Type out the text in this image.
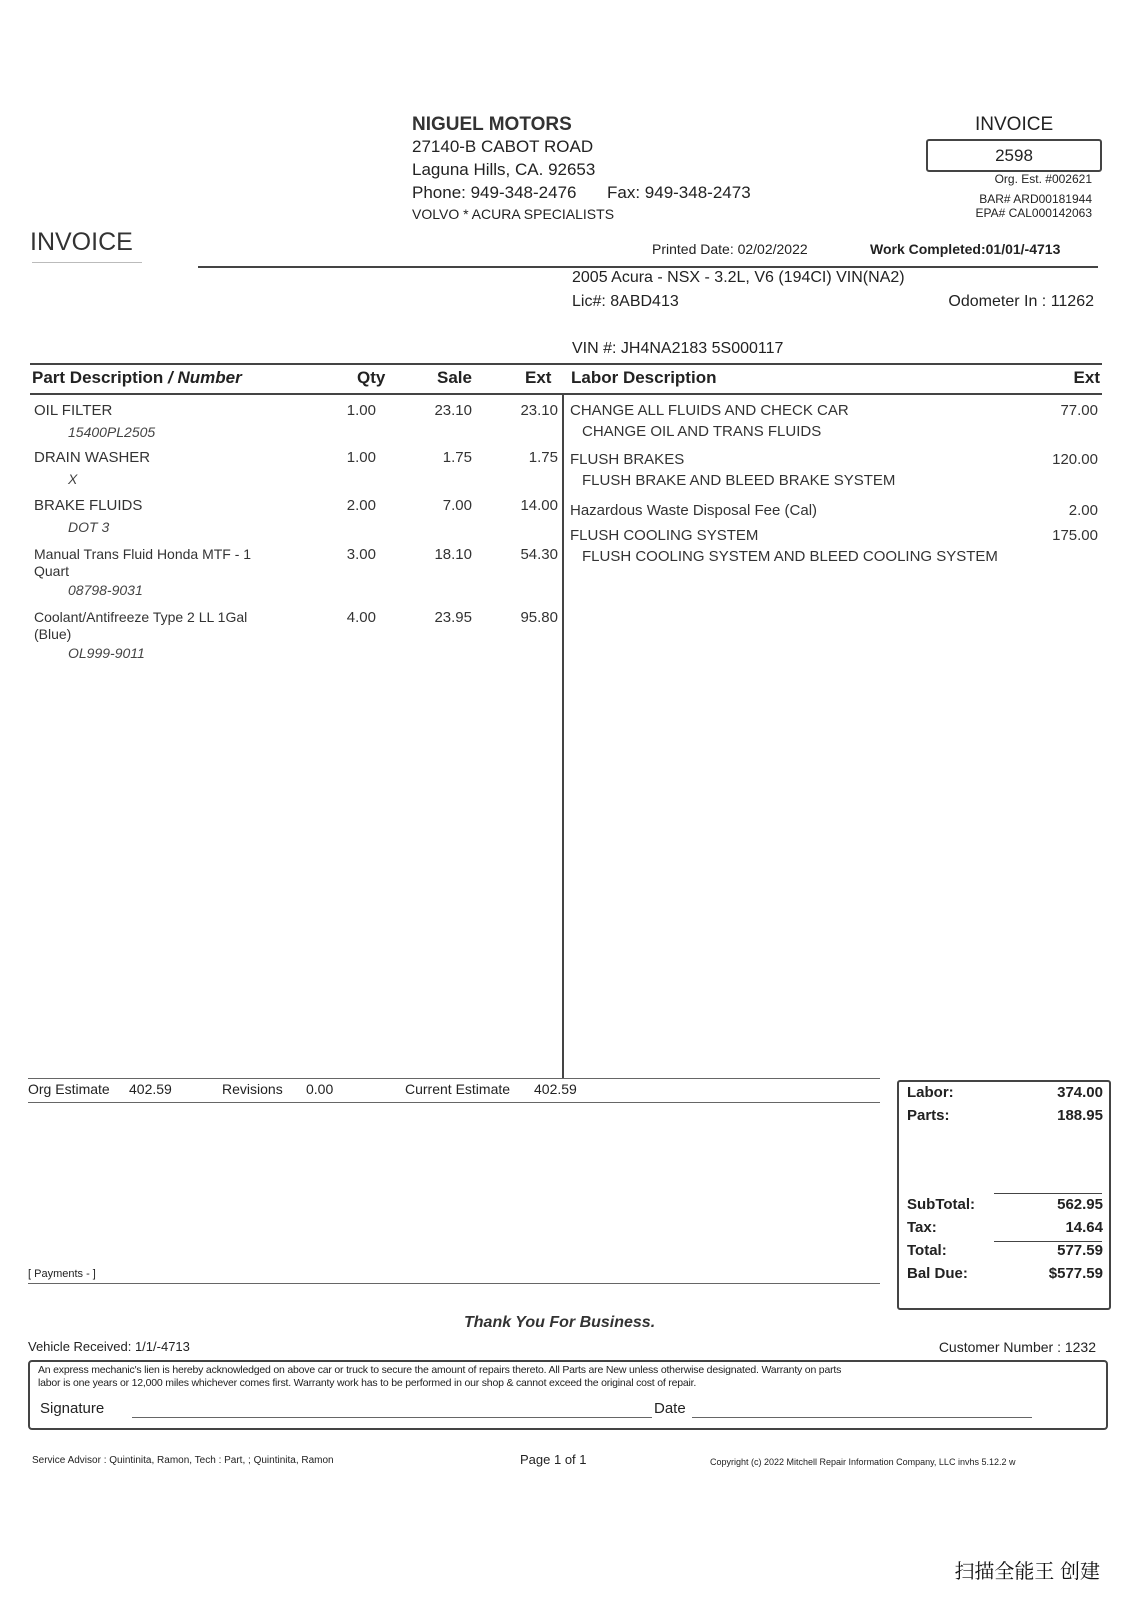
NIGUEL MOTORS
27140-B CABOT ROAD
Laguna Hills, CA. 92653
Phone: 949-348-2476 Fax: 949-348-2473
VOLVO * ACURA SPECIALISTS
INVOICE
2598
Org. Est. #002621
BAR# ARD00181944
EPA# CAL000142063
INVOICE	Printed Date: 02/02/2022	Work Completed:01/01/-4713
2005 Acura - NSX - 3.2L, V6 (194CI) VIN(NA2)
Lic#: 8ABD413	Odometer In : 11262
VIN #: JH4NA2183 5S000117
Part Description / Number	Qty	Sale	Ext Labor Description	Ext
OIL FILTER
15400PL2505
1.00	23.10	23.10
DRAIN WASHER
X
1.00	1.75	1.75
BRAKE FLUIDS
DOT 3
2.00	7.00	14.00
Manual Trans Fluid Honda MTF - 1
Quart
08798-9031
3.00	18.10	54.30
Coolant/Antifreeze Type 2 LL 1Gal
(Blue)
OL999-9011
4.00	23.95	95.80
CHANGE ALL FLUIDS AND CHECK CAR
CHANGE OIL AND TRANS FLUIDS
77.00
FLUSH BRAKES
FLUSH BRAKE AND BLEED BRAKE SYSTEM
120.00
Hazardous Waste Disposal Fee (Cal)	2.00
FLUSH COOLING SYSTEM
FLUSH COOLING SYSTEM AND BLEED COOLING SYSTEM
175.00
Org Estimate 402.59	Revisions 0.00	Current Estimate 402.59
[ Payments - ]
Labor:	374.00
Parts:	188.95
SubTotal:	562.95
Tax:	14.64
Total:	577.59
Bal Due:	$577.59
Thank You For Business.
Vehicle Received: 1/1/-4713	Customer Number : 1232
An express mechanic's lien is hereby acknowledged on above car or truck to secure the amount of repairs thereto. All Parts are New unless otherwise designated. Warranty on parts
labor is one years or 12,000 miles whichever comes first. Warranty work has to be performed in our shop & cannot exceed the original cost of repair.
Signature	Date
Service Advisor : Quintinita, Ramon, Tech : Part, ; Quintinita, Ramon	Page 1 of 1	Copyright (c) 2022 Mitchell Repair Information Company, LLC invhs 5.12.2 w
扫描全能王 创建
